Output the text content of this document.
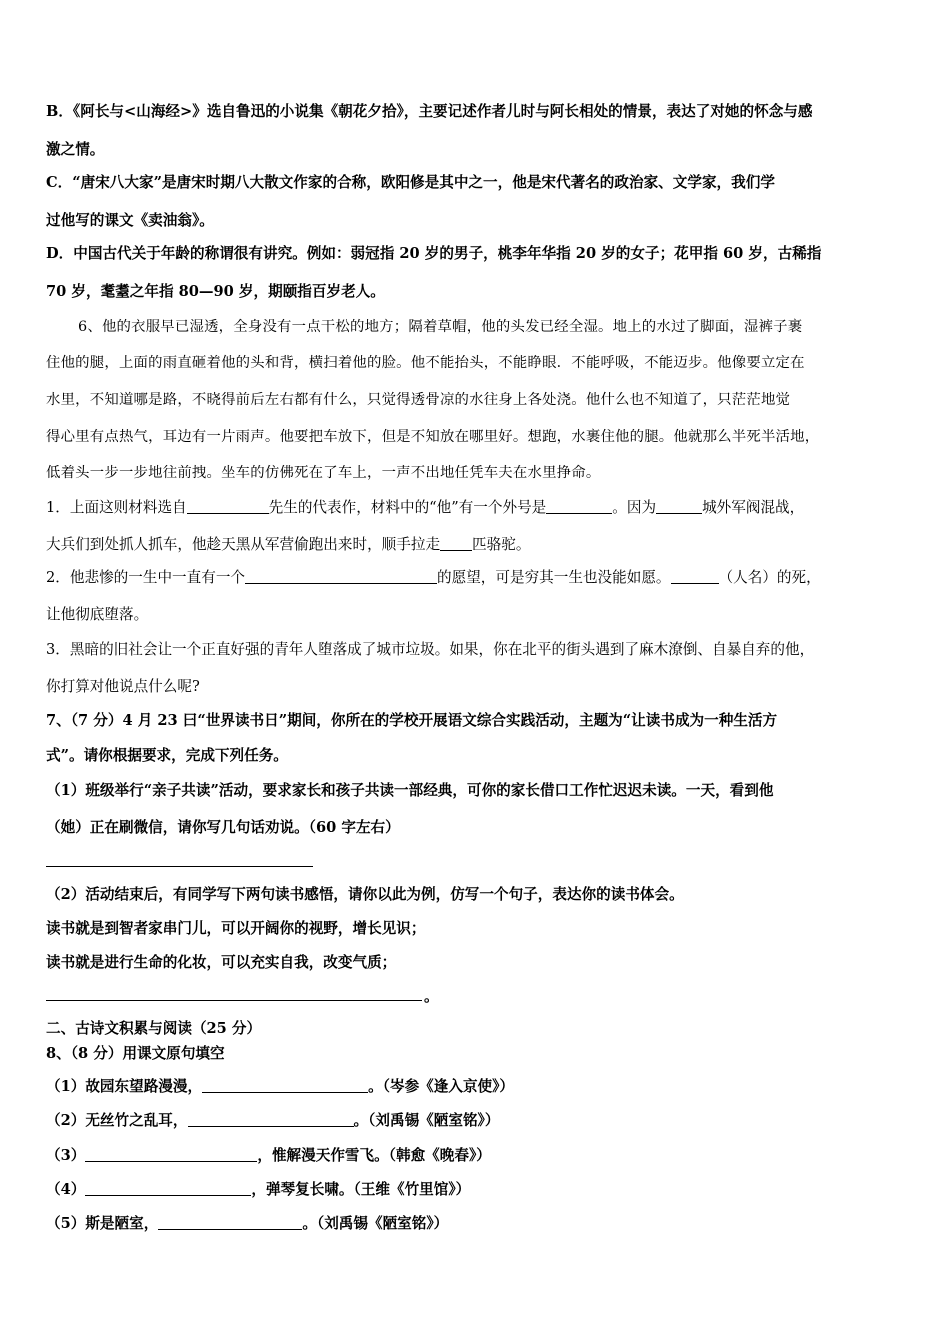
B．《阿长与<山海经>》选自鲁迅的小说集《朝花夕拾》，主要记述作者儿时与阿长相处的情景，表达了对她的怀念与感
激之情。
C．“唐宋八大家”是唐宋时期八大散文作家的合称，欧阳修是其中之一，他是宋代著名的政治家、文学家，我们学
过他写的课文《卖油翁》。
D．中国古代关于年龄的称谓很有讲究。例如：弱冠指 20 岁的男子，桃李年华指 20 岁的女子；花甲指 60 岁，古稀指
70 岁，耄耋之年指 80—90 岁，期颐指百岁老人。
6、他的衣服早已湿透，全身没有一点干松的地方；隔着草帽，他的头发已经全湿。地上的水过了脚面，湿裤子裹
住他的腿，上面的雨直砸着他的头和背，横扫着他的脸。他不能抬头，不能睁眼．不能呼吸，不能迈步。他像要立定在
水里，不知道哪是路，不晓得前后左右都有什么，只觉得透骨凉的水往身上各处浇。他什么也不知道了，只茫茫地觉
得心里有点热气，耳边有一片雨声。他要把车放下，但是不知放在哪里好。想跑，水裹住他的腿。他就那么半死半活地，
低着头一步一步地往前拽。坐车的仿佛死在了车上，一声不出地任凭车夫在水里挣命。
1．上面这则材料选自	先生的代表作，材料中的“他”有一个外号是	。因为	城外军阀混战，
大兵们到处抓人抓车，他趁天黑从军营偷跑出来时，顺手拉走 匹骆驼。
2．他悲惨的一生中一直有一个	的愿望，可是穷其一生也没能如愿。	（人名）的死，
让他彻底堕落。
3．黑暗的旧社会让一个正直好强的青年人堕落成了城市垃圾。如果，你在北平的街头遇到了麻木潦倒、自暴自弃的他，
你打算对他说点什么呢?
7、（7 分）4 月 23 曰“世界读书日”期间，你所在的学校开展语文综合实践活动，主题为“让读书成为一种生活方
式”。请你根据要求，完成下列任务。
（1）班级举行“亲子共读”活动，要求家长和孩子共读一部经典，可你的家长借口工作忙迟迟未读。一天，看到他
（她）正在刷微信，请你写几句话劝说。（60 字左右）
（2）活动结束后，有同学写下两句读书感悟，请你以此为例，仿写一个句子，表达你的读书体会。
读书就是到智者家串门儿，可以开阔你的视野，增长见识；
读书就是进行生命的化妆，可以充实自我，改变气质；
。
二、古诗文积累与阅读（25 分）
8、（8 分）用课文原句填空
（1）故园东望路漫漫，	。（岑参《逢入京使》）
（2）无丝竹之乱耳，	。（刘禹锡《陋室铭》）
（3）	，惟解漫天作雪飞。（韩愈《晚春》）
（4）	，弹琴复长啸。（王维《竹里馆》）
（5）斯是陋室，	。（刘禹锡《陋室铭》）
